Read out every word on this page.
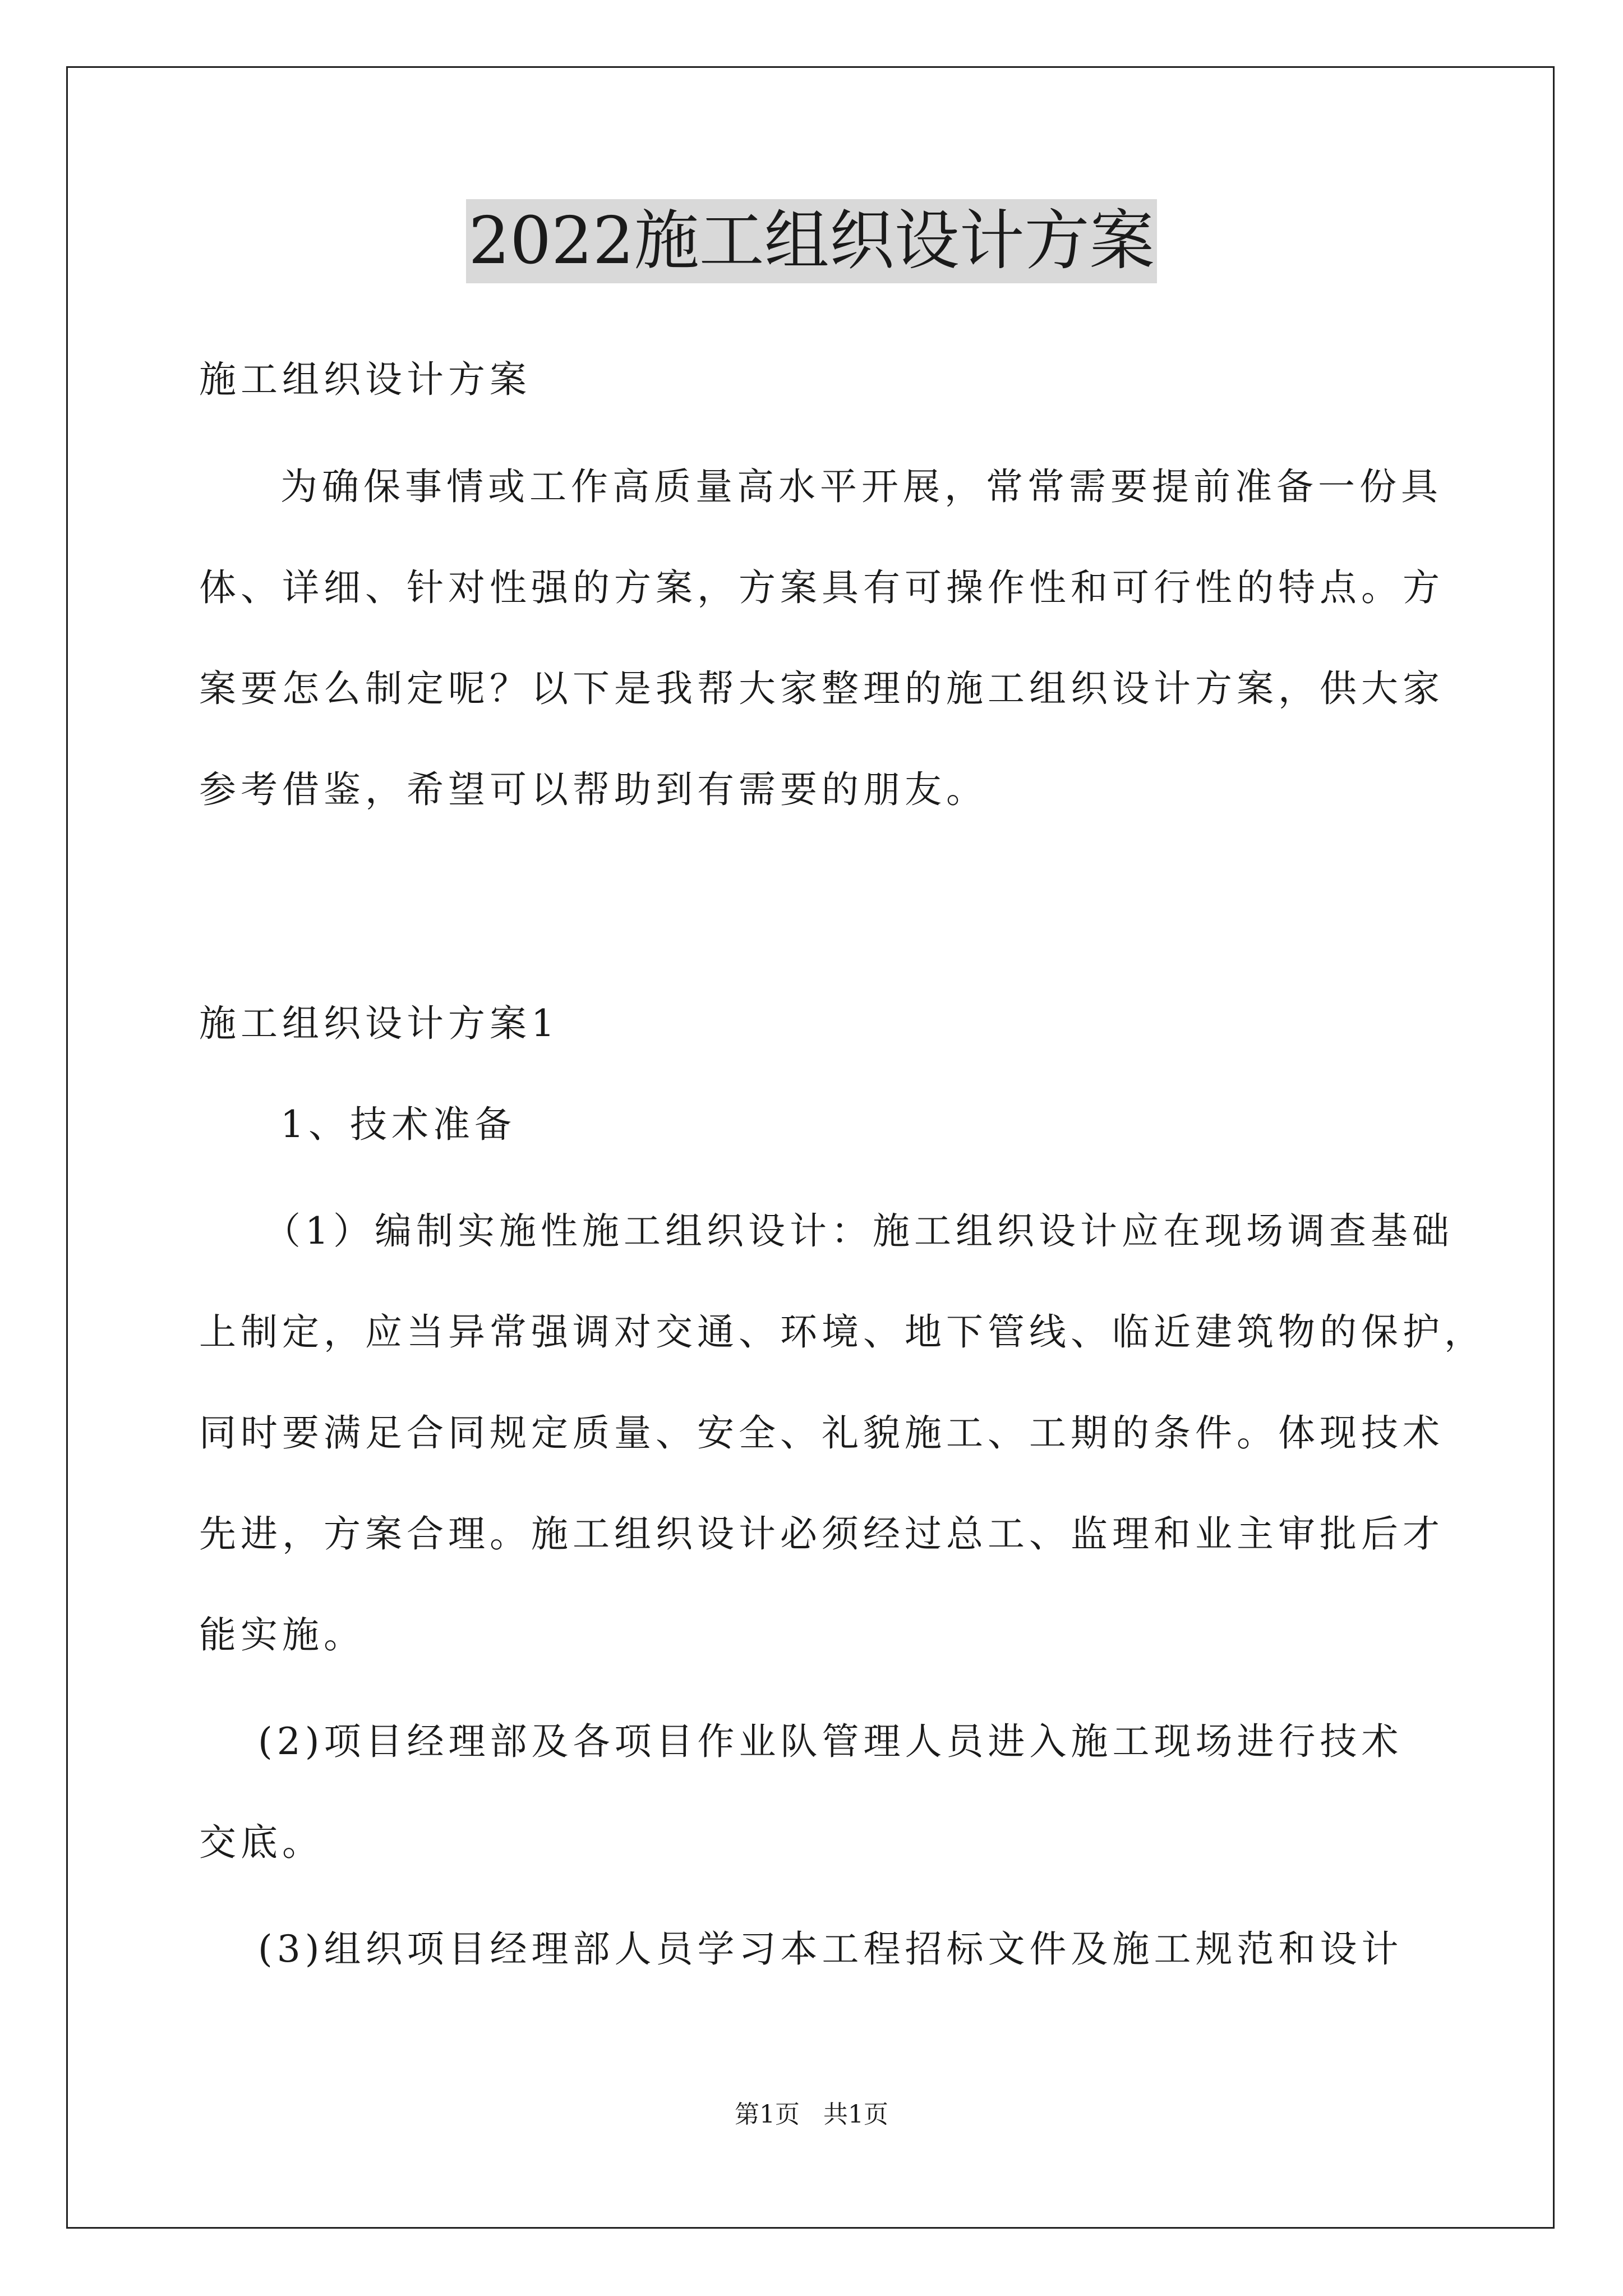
2022施工组织设计方案
施工组织设计方案
为确保事情或工作高质量高水平开展，常常需要提前准备一份具
体、详细、针对性强的方案，方案具有可操作性和可行性的特点。方
案要怎么制定呢？以下是我帮大家整理的施工组织设计方案，供大家
参考借鉴，希望可以帮助到有需要的朋友。
施工组织设计方案1
1、技术准备
（1）编制实施性施工组织设计：施工组织设计应在现场调查基础
上制定，应当异常强调对交通、环境、地下管线、临近建筑物的保护，
同时要满足合同规定质量、安全、礼貌施工、工期的条件。体现技术
先进，方案合理。施工组织设计必须经过总工、监理和业主审批后才
能实施。
(2)项目经理部及各项目作业队管理人员进入施工现场进行技术
交底。
(3)组织项目经理部人员学习本工程招标文件及施工规范和设计
第1页 共1页
